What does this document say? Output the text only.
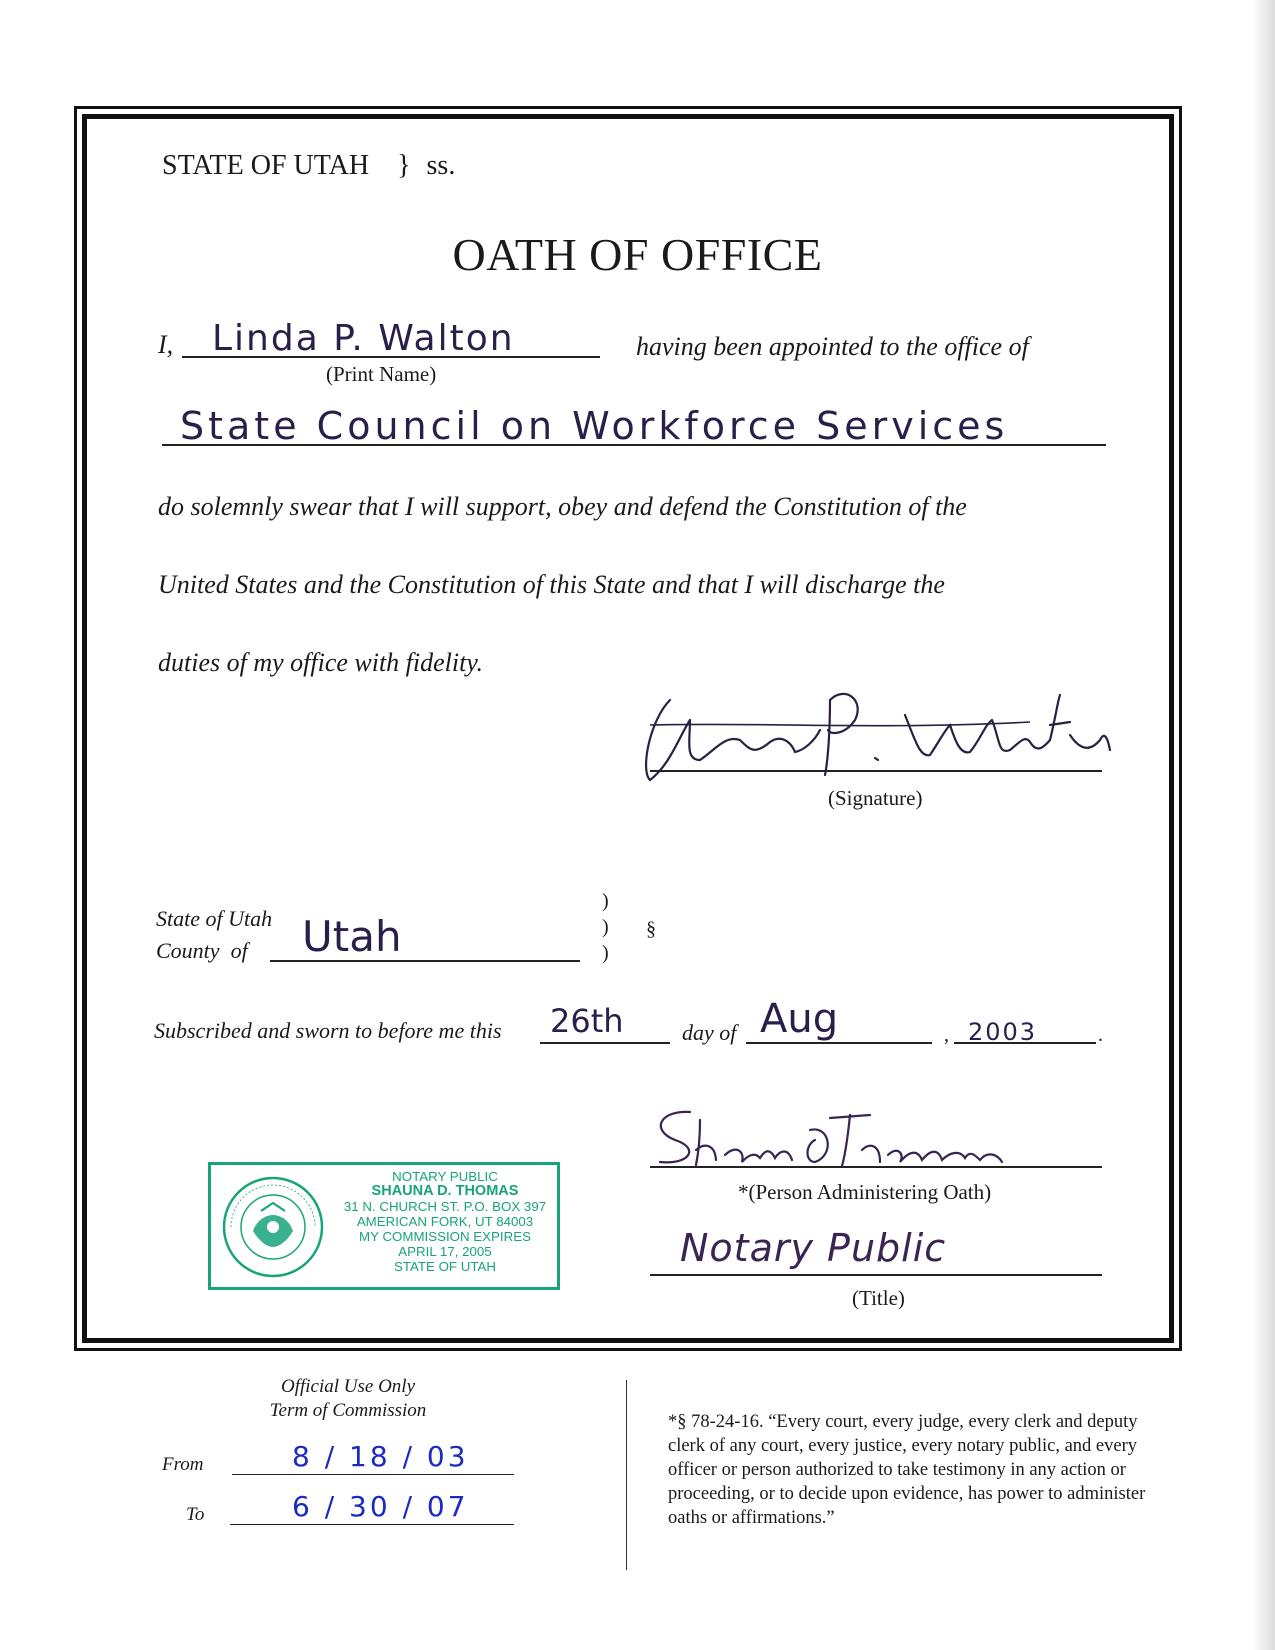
STATE OF UTAH } ss.
OATH OF OFFICE
I, Linda P. Walton
(Print Name)
having been appointed to the office of
State Council on Workforce Services
do solemnly swear that I will support, obey and defend the Constitution of the
United States and the Constitution of this State and that I will discharge the
duties of my office with fidelity.
(Signature)
State of Utah
County of Utah
)
)
)
§
Subscribed and sworn to before me this 26th	day of Aug	, 2003	.
*(Person Administering Oath)
Notary Public
(Title)
NOTARY PUBLIC
SHAUNA D. THOMAS
31 N. CHURCH ST. P.O. BOX 397
AMERICAN FORK, UT 84003
MY COMMISSION EXPIRES
APRIL 17, 2005
STATE OF UTAH
Official Use Only
Term of Commission
From	8 / 18 / 03
To	6 / 30 / 07
*§ 78-24-16. “Every court, every judge, every clerk and deputy clerk of any court, every justice, every notary public, and every officer or person authorized to take testimony in any action or proceeding, or to decide upon evidence, has power to administer oaths or affirmations.”
